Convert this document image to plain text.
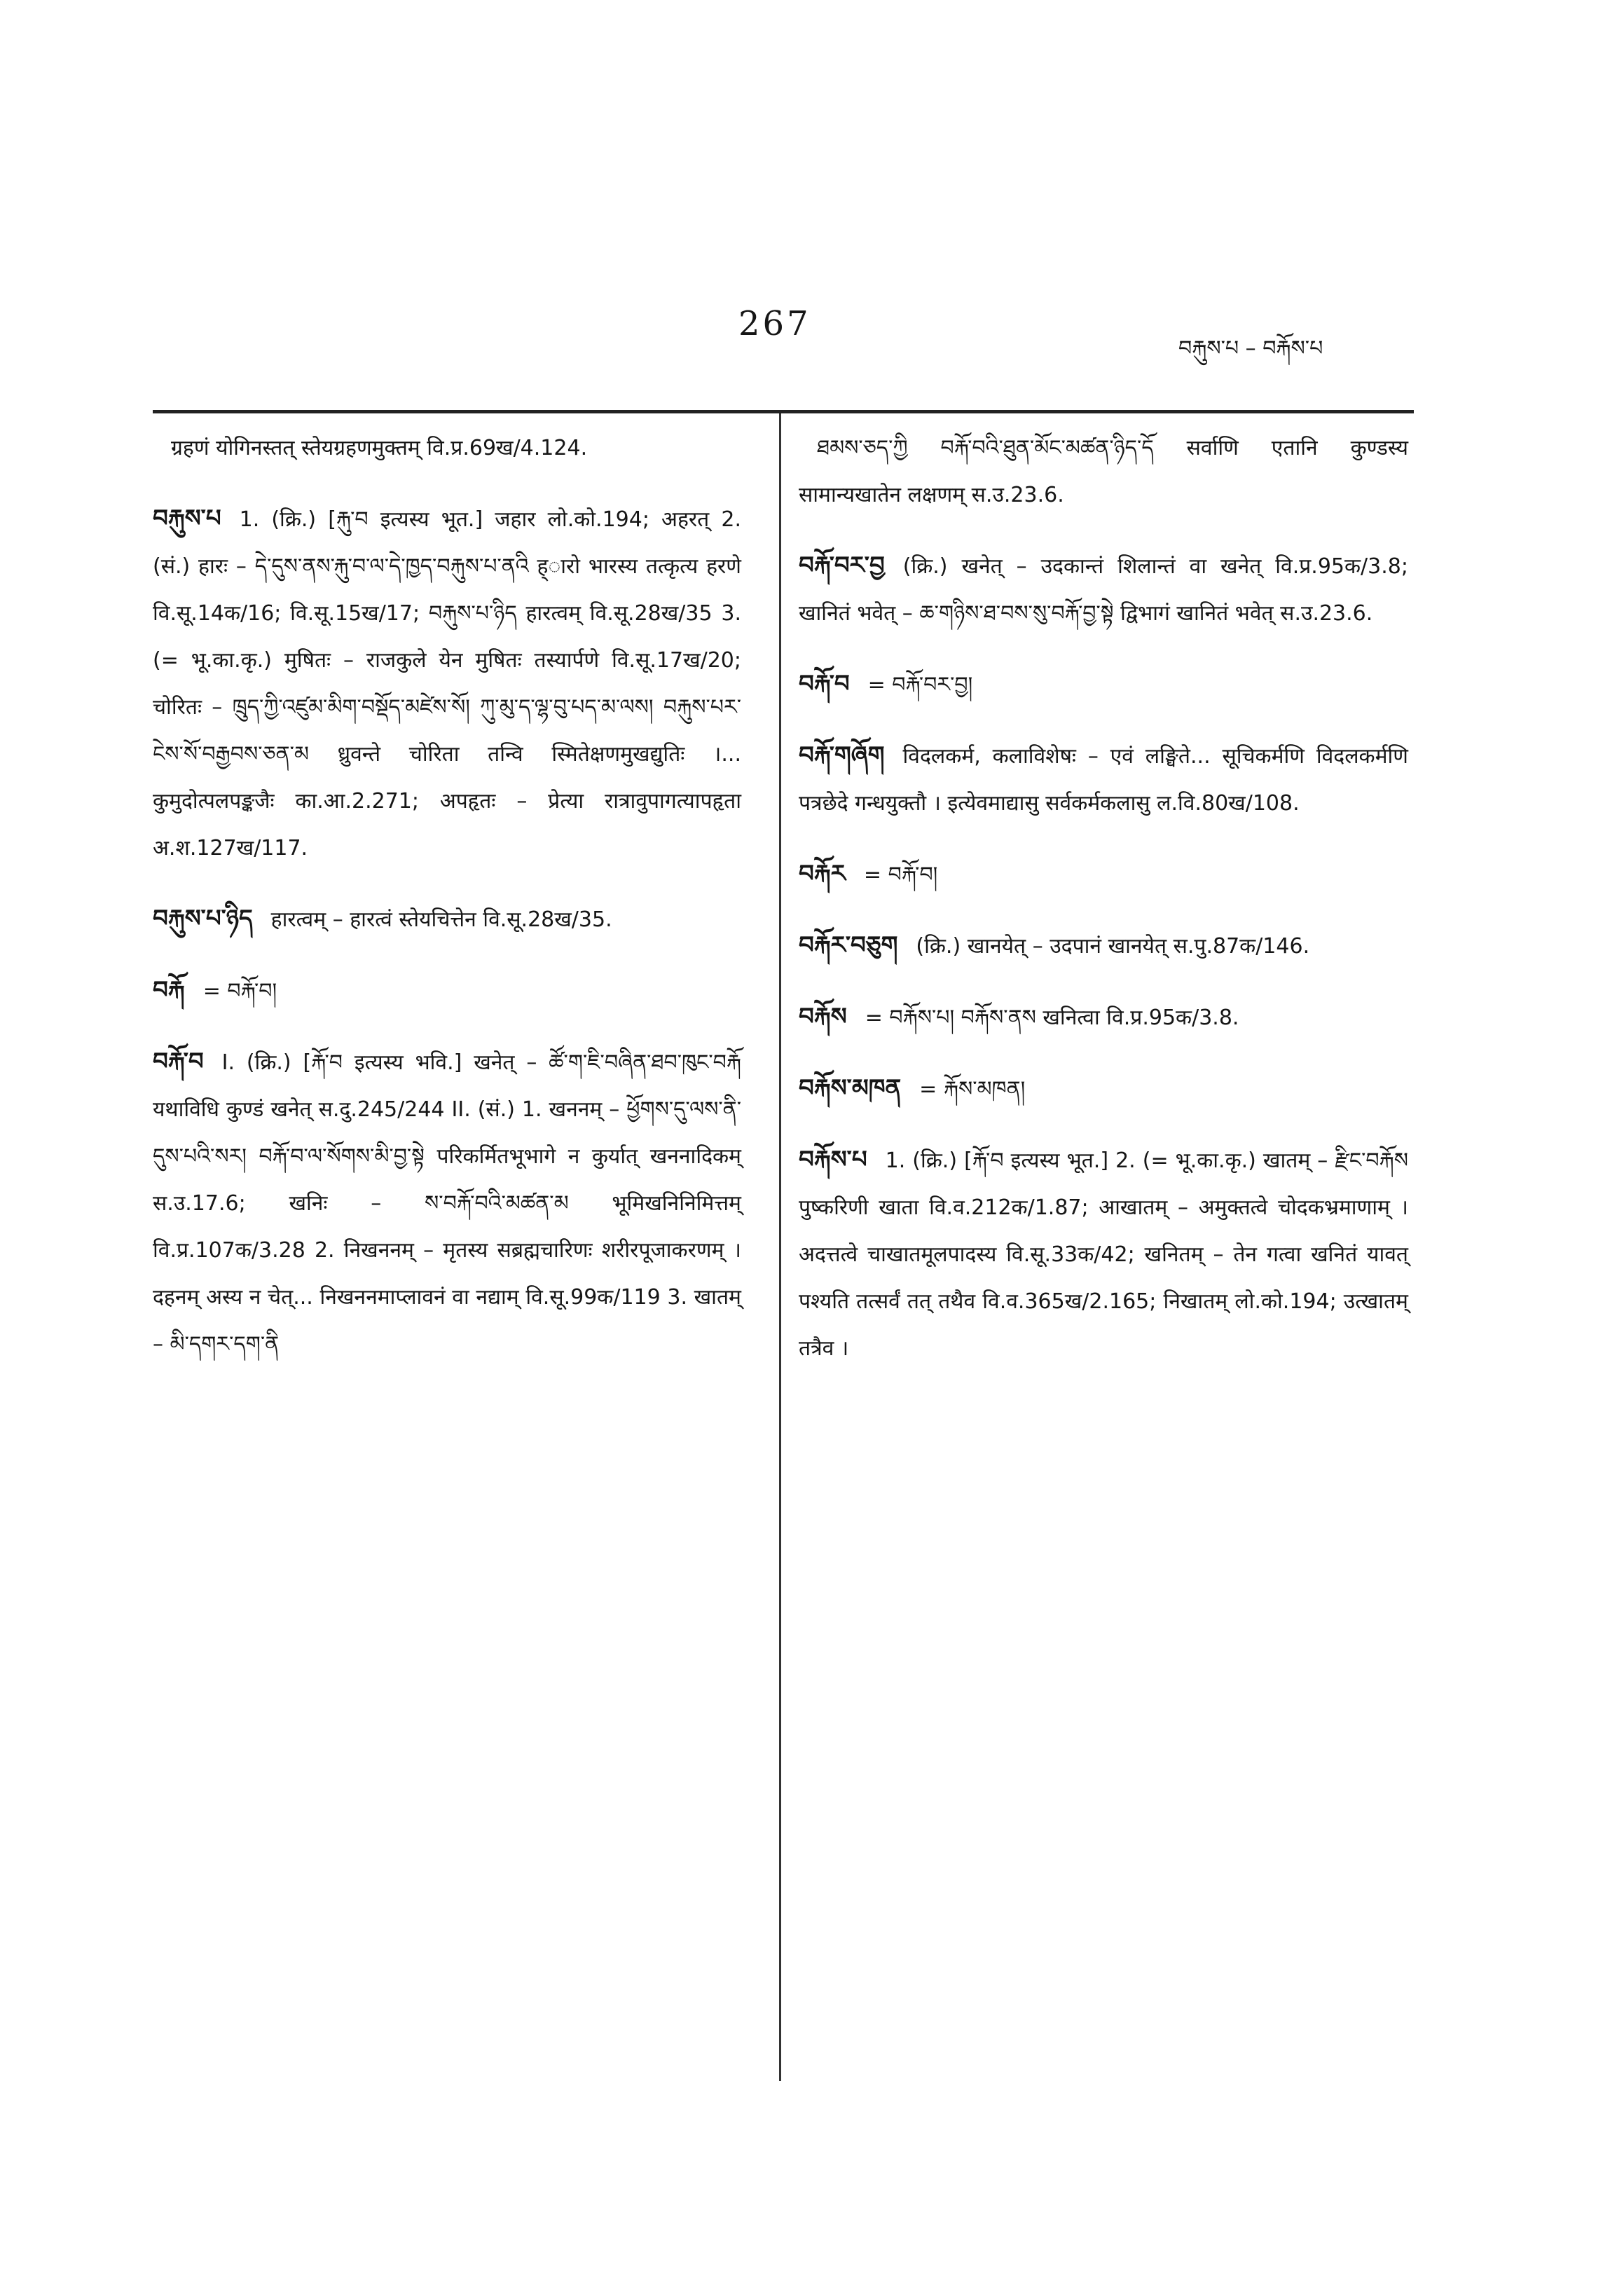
267
བརྐུས་པ – བརྐོས་པ

ग्रहणं योगिनस्तत् स्तेयग्रहणमुक्तम् वि.प्र.69ख/4.124.

བརྐུས་པ 1. (क्रि.) [རྐུ་བ इत्यस्य भूत.] जहार लो.को.194; अहरत् 2. (सं.) हारः – དེ་དུས་ནས་རྐུ་བ་ལ་དེ་ཁྱད་བརྐུས་པ་ནའི ह्ारो भारस्य तत्कृत्य हरणे वि.सू.14क/16; वि.सू.15ख/17; བརྐུས་པ་ཉིད हारत्वम् वि.सू.28ख/35 3. (= भू.का.कृ.) मुषितः – राजकुले येन मुषितः तस्यार्पणे वि.सू.17ख/20; चोरितः – ཁྲུད་ཀྱི་འཛུམ་མིག་བསྡོད་མཛེས་སོ། ཀུ་མུ་ད་ལྷ་བུ་པད་མ་ལས། བརྐུས་པར་ངེས་སོ་བརྒྱབས་ཅན་མ ध्रुवन्ते चोरिता तन्वि स्मितेक्षणमुखद्युतिः ।... कुमुदोत्पलपङ्कजैः का.आ.2.271; अपहृतः – प्रेत्या रात्रावुपागत्यापहृता अ.श.127ख/117.

བརྐུས་པ་ཉིད हारत्वम् – हारत्वं स्तेयचित्तेन वि.सू.28ख/35.

བརྐོ = བརྐོ་བ།

བརྐོ་བ I. (क्रि.) [རྐོ་བ इत्यस्य भवि.] खनेत् – ཚོ་ག་ཇི་བཞིན་ཐབ་ཁུང་བརྐོ यथाविधि कुण्डं खनेत् स.दु.245/244 II. (सं.) 1. खननम् – ཕྱོགས་དུ་ལས་ནི་དུས་པའི་སར། བརྐོ་བ་ལ་སོགས་མི་བྱ་སྟེ परिकर्मितभूभागे न कुर्यात् खननादिकम् स.उ.17.6; खनिः – ས་བརྐོ་བའི་མཚན་མ भूमिखनिनिमित्तम् वि.प्र.107क/3.28 2. निखननम् – मृतस्य सब्रह्मचारिणः शरीरपूजाकरणम् । दहनम् अस्य न चेत्... निखननमाप्लावनं वा नद्याम् वि.सू.99क/119 3. खातम् – མི་དགར་དག་ནི

ཐམས་ཅད་ཀྱི བརྐོ་བའི་ཐུན་མོང་མཚན་ཉིད་དོ सर्वाणि एतानि कुण्डस्य सामान्यखातेन लक्षणम् स.उ.23.6.

བརྐོ་བར་བྱ (क्रि.) खनेत् – उदकान्तं शिलान्तं वा खनेत् वि.प्र.95क/3.8; खानितं भवेत् – ཆ་གཉིས་ཐ་བས་སུ་བརྐོ་བྱ་སྟེ द्विभागं खानितं भवेत् स.उ.23.6.

བརྐོ་བ = བརྐོ་བར་བྱ།

བརྐོ་གཞོག विदलकर्म, कलाविशेषः – एवं लङ्घिते... सूचिकर्मणि विदलकर्मणि पत्रछेदे गन्धयुक्तौ । इत्येवमाद्यासु सर्वकर्मकलासु ल.वि.80ख/108.

བརྐོར = བརྐོ་བ།

བརྐོར་བཅུག (क्रि.) खानयेत् – उदपानं खानयेत् स.पु.87क/146.

བརྐོས = བརྐོས་པ། བརྐོས་ནས खनित्वा वि.प्र.95क/3.8.

བརྐོས་མཁན = རྐོས་མཁན།

བརྐོས་པ 1. (क्रि.) [རྐོ་བ इत्यस्य भूत.] 2. (= भू.का.कृ.) खातम् – རྫིང་བརྐོས पुष्करिणी खाता वि.व.212क/1.87; आखातम् – अमुक्तत्वे चोदकभ्रमाणाम् । अदत्तत्वे चाखातमूलपादस्य वि.सू.33क/42; खनितम् – तेन गत्वा खनितं यावत् पश्यति तत्सर्वं तत् तथैव वि.व.365ख/2.165; निखातम् लो.को.194; उत्खातम् तत्रैव ।
